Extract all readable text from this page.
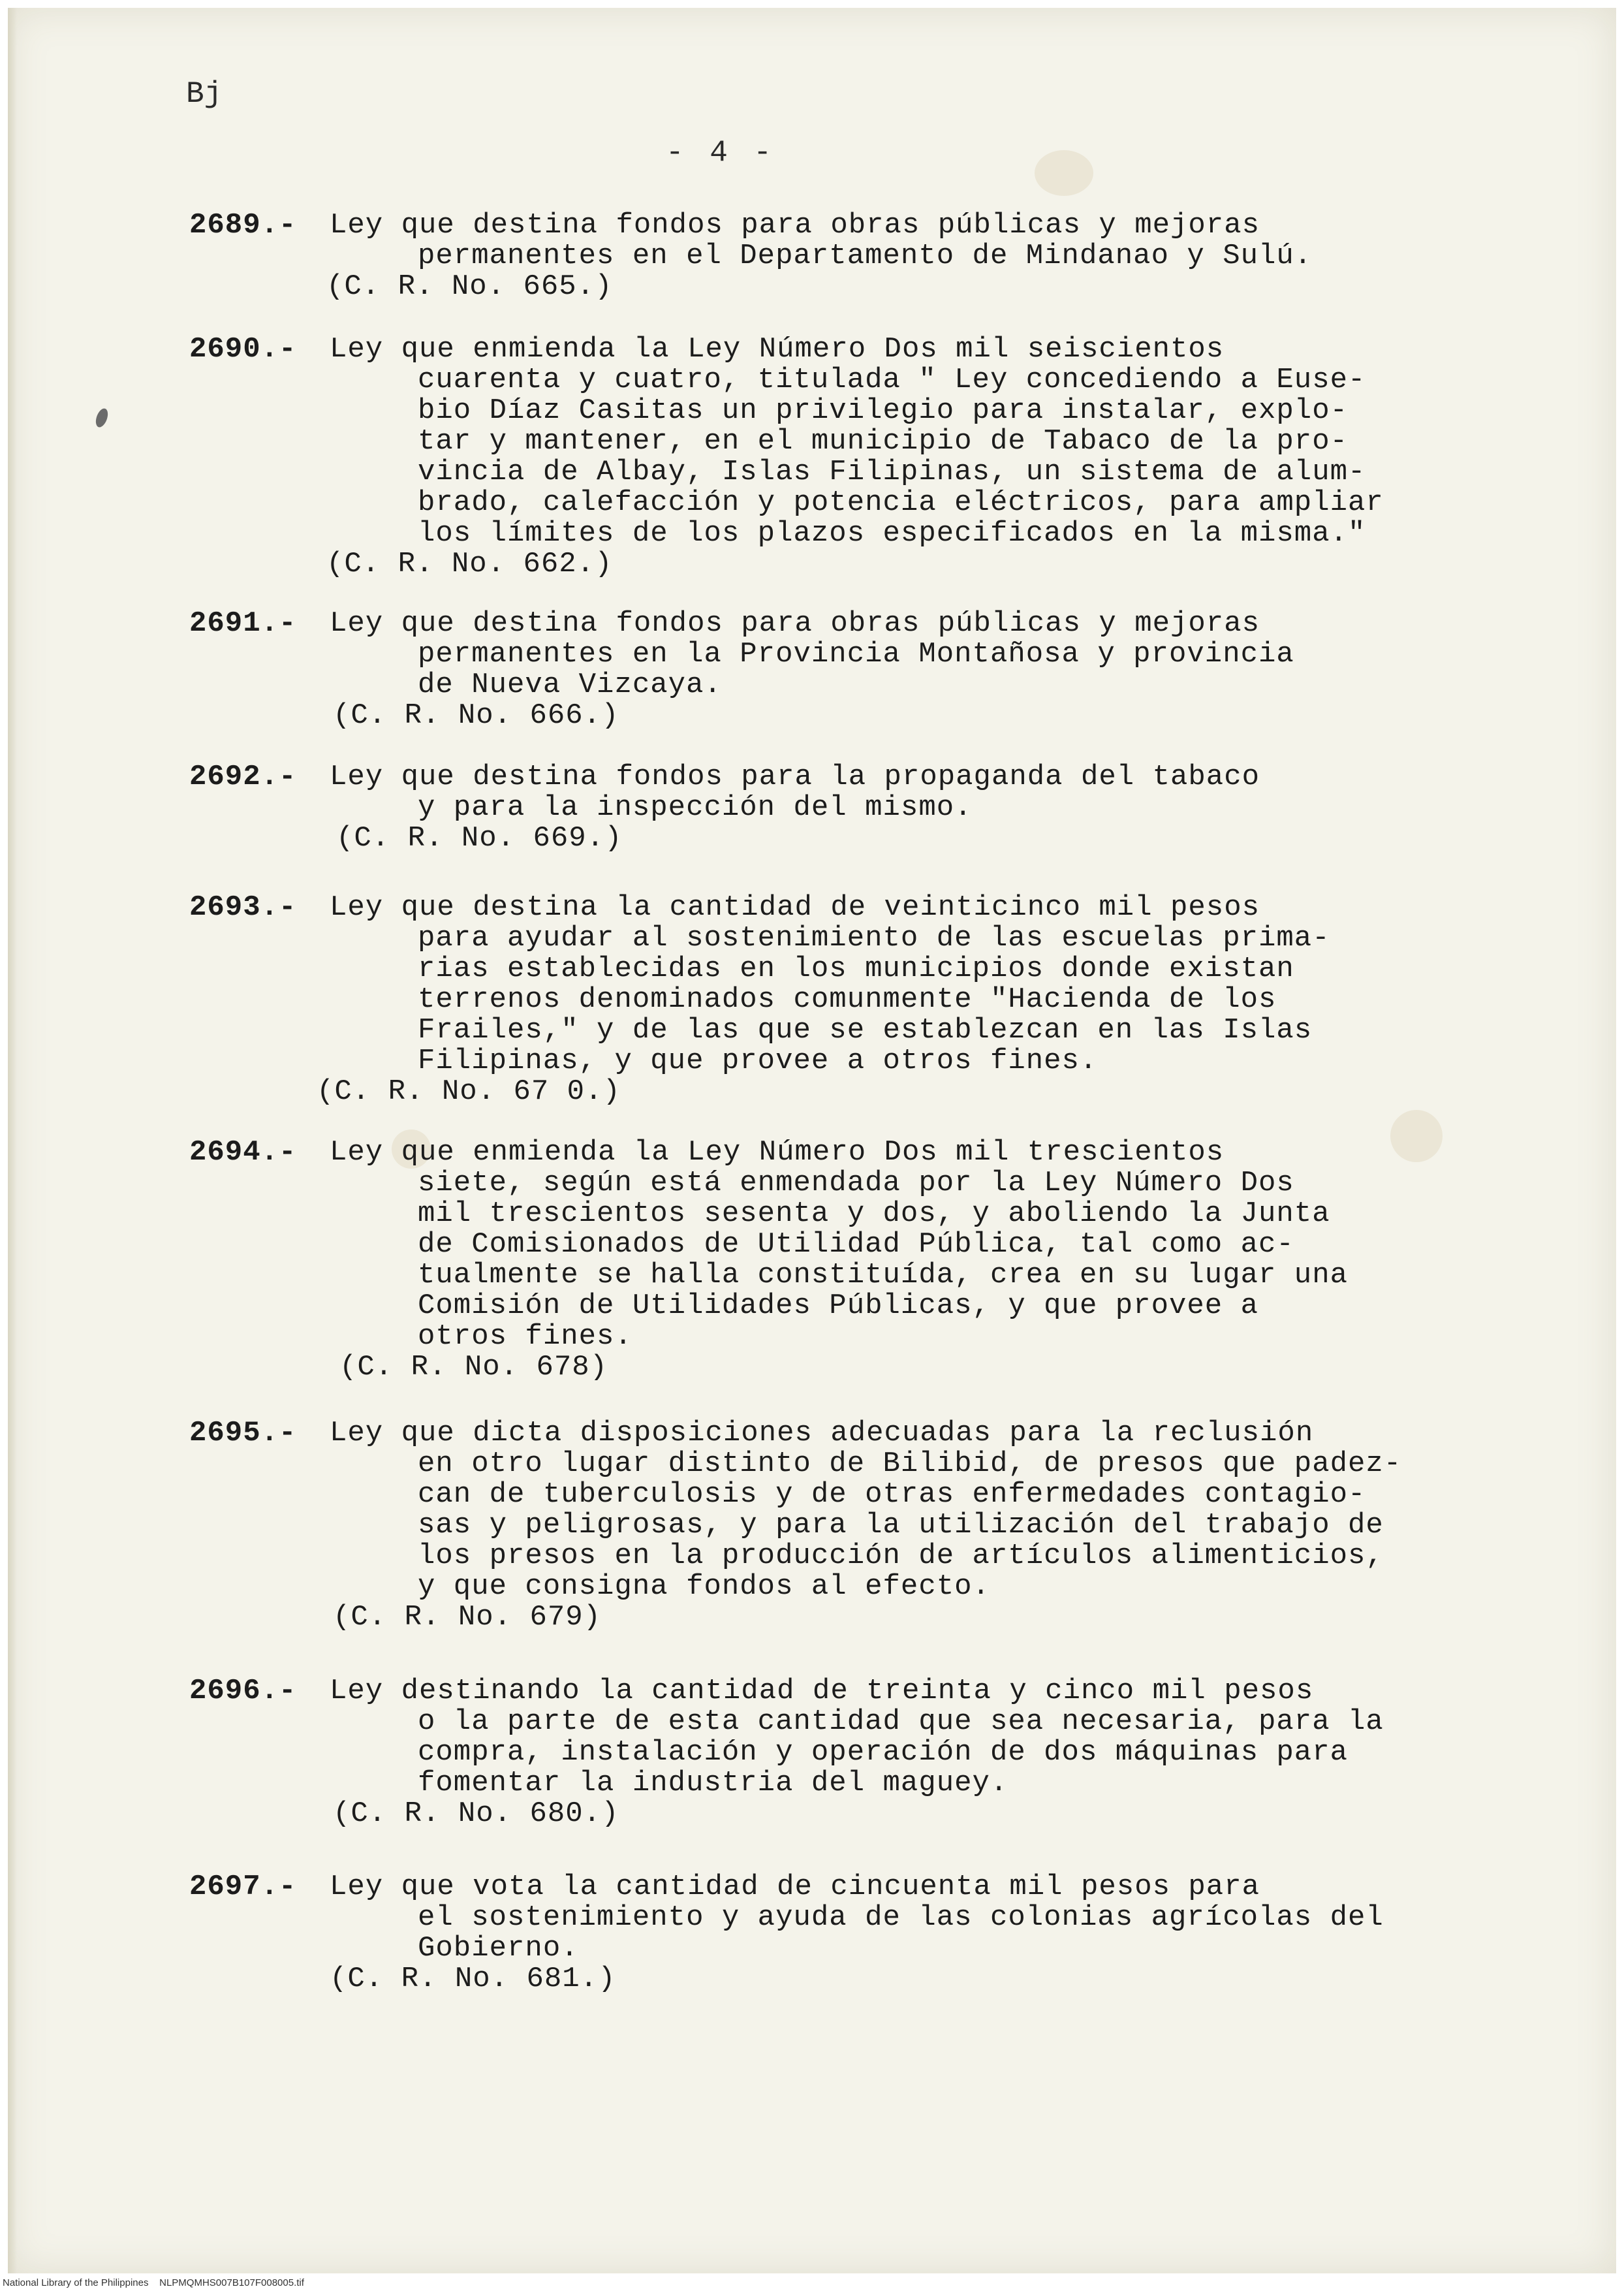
Bj
- 4 -
2689.- Ley que destina fondos para obras públicas y mejoras
permanentes en el Departamento de Mindanao y Sulú.
(C. R. No. 665.)
2690.- Ley que enmienda la Ley Número Dos mil seiscientos
cuarenta y cuatro, titulada " Ley concediendo a Euse-
bio Díaz Casitas un privilegio para instalar, explo-
tar y mantener, en el municipio de Tabaco de la pro-
vincia de Albay, Islas Filipinas, un sistema de alum-
brado, calefacción y potencia eléctricos, para ampliar
los límites de los plazos especificados en la misma."
(C. R. No. 662.)
2691.- Ley que destina fondos para obras públicas y mejoras
permanentes en la Provincia Montañosa y provincia
de Nueva Vizcaya.
(C. R. No. 666.)
2692.- Ley que destina fondos para la propaganda del tabaco
y para la inspección del mismo.
(C. R. No. 669.)
2693.- Ley que destina la cantidad de veinticinco mil pesos
para ayudar al sostenimiento de las escuelas prima-
rias establecidas en los municipios donde existan
terrenos denominados comunmente "Hacienda de los
Frailes," y de las que se establezcan en las Islas
Filipinas, y que provee a otros fines.
(C. R. No. 67 0.)
2694.- Ley que enmienda la Ley Número Dos mil trescientos
siete, según está enmendada por la Ley Número Dos
mil trescientos sesenta y dos, y aboliendo la Junta
de Comisionados de Utilidad Pública, tal como ac-
tualmente se halla constituída, crea en su lugar una
Comisión de Utilidades Públicas, y que provee a
otros fines.
(C. R. No. 678)
2695.- Ley que dicta disposiciones adecuadas para la reclusión
en otro lugar distinto de Bilibid, de presos que padez-
can de tuberculosis y de otras enfermedades contagio-
sas y peligrosas, y para la utilización del trabajo de
los presos en la producción de artículos alimenticios,
y que consigna fondos al efecto.
(C. R. No. 679)
2696.- Ley destinando la cantidad de treinta y cinco mil pesos
o la parte de esta cantidad que sea necesaria, para la
compra, instalación y operación de dos máquinas para
fomentar la industria del maguey.
(C. R. No. 680.)
2697.- Ley que vota la cantidad de cincuenta mil pesos para
el sostenimiento y ayuda de las colonias agrícolas del
Gobierno.
(C. R. No. 681.)
National Library of the Philippines    NLPMQMHS007B107F008005.tif
